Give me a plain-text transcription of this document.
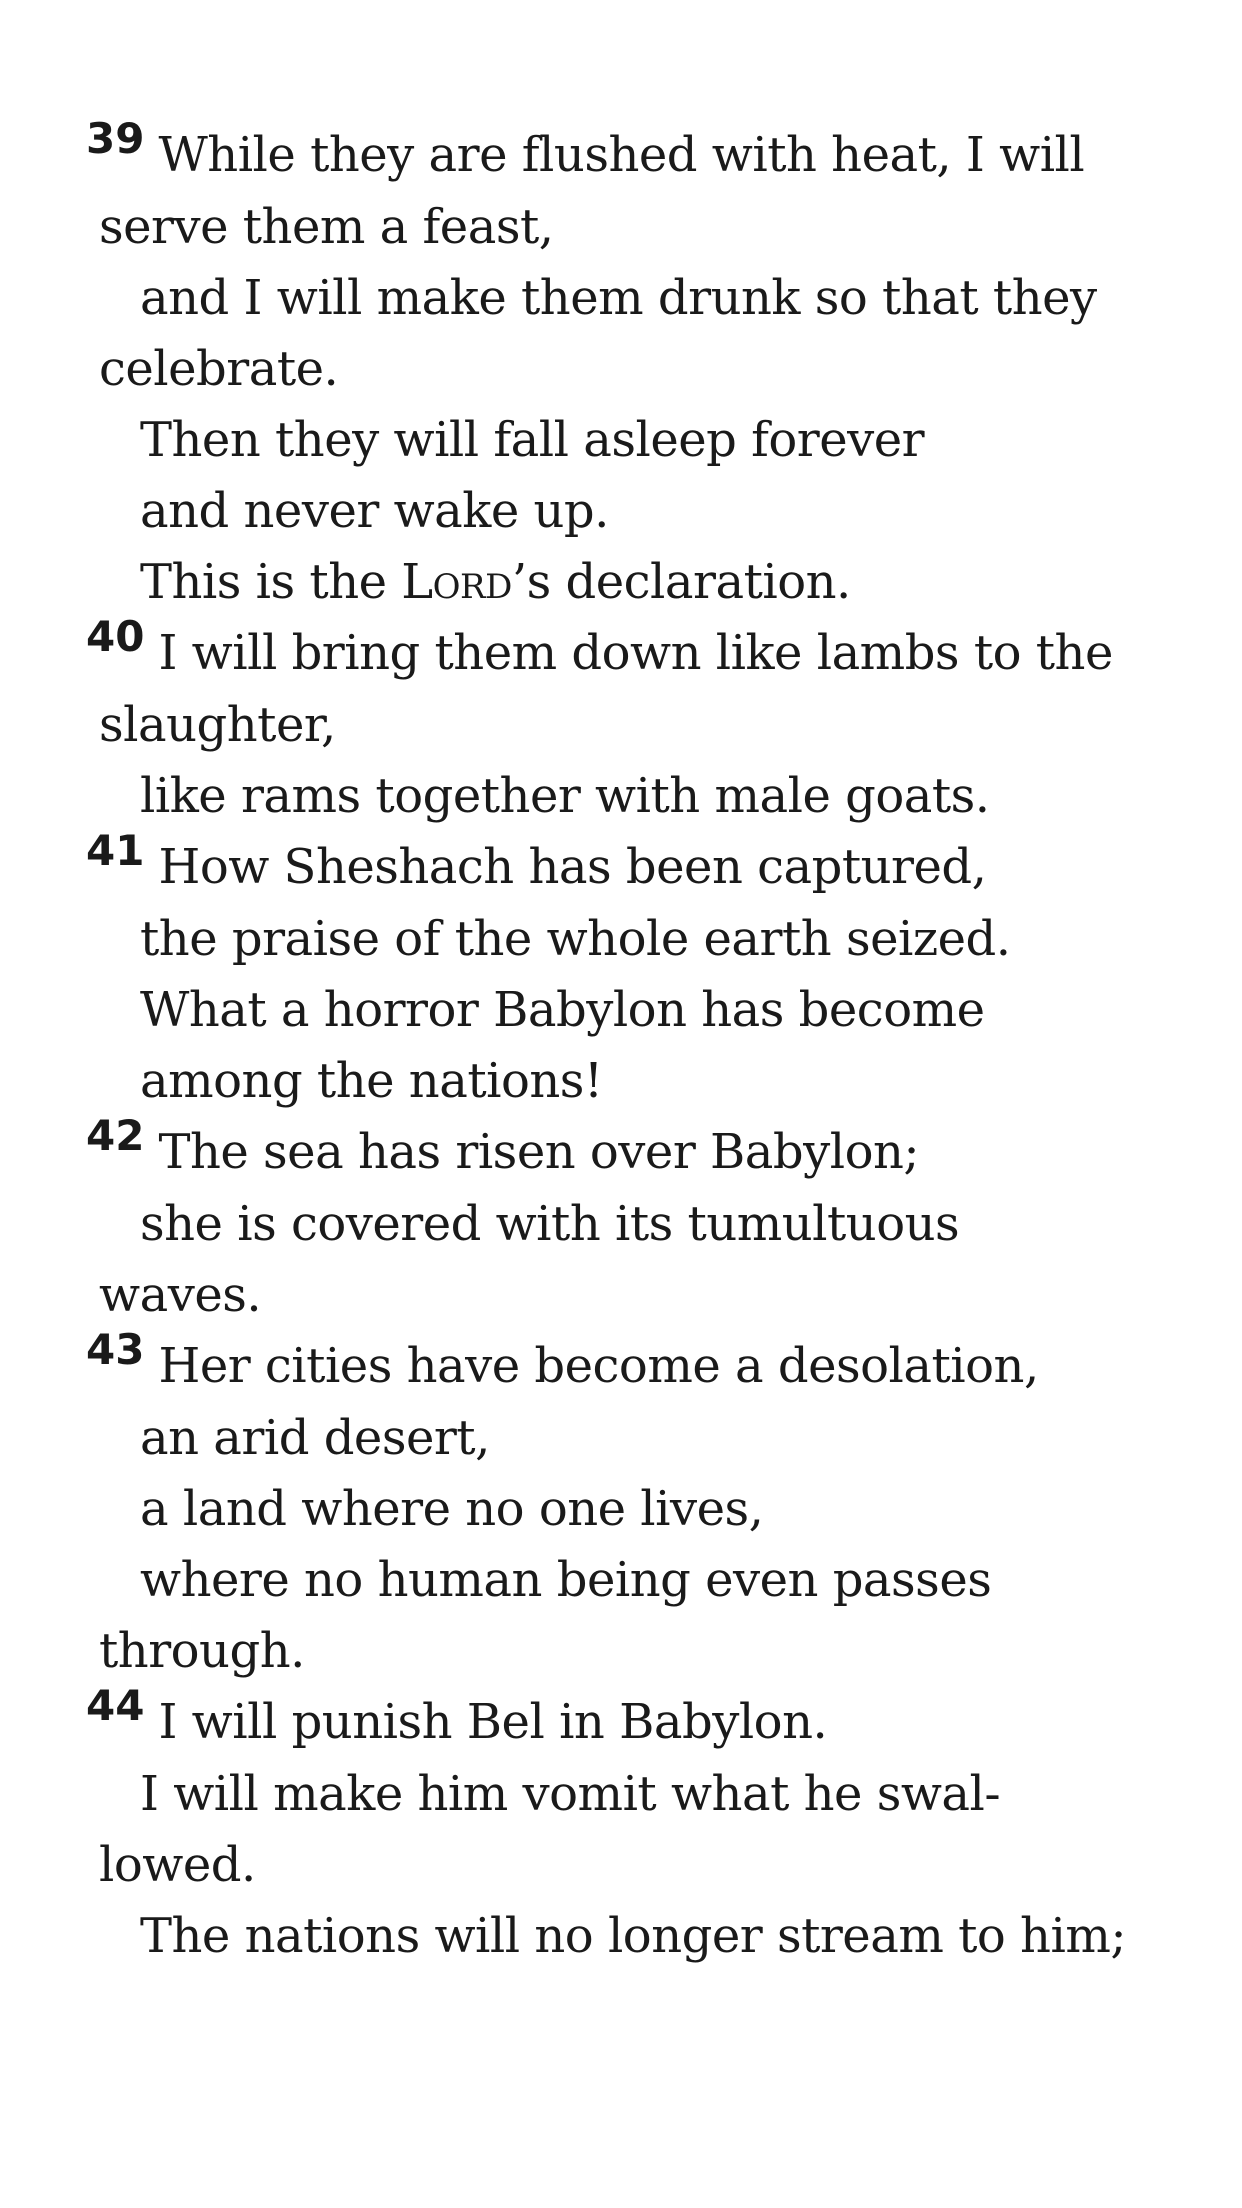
39 While they are flushed with heat, I will
serve them a feast,
and I will make them drunk so that they
celebrate.
Then they will fall asleep forever
and never wake up.
This is the Lord’s declaration.
40 I will bring them down like lambs to the
slaughter,
like rams together with male goats.
41 How Sheshach has been captured,
the praise of the whole earth seized.
What a horror Babylon has become
among the nations!
42 The sea has risen over Babylon;
she is covered with its tumultuous
waves.
43 Her cities have become a desolation,
an arid desert,
a land where no one lives,
where no human being even passes
through.
44 I will punish Bel in Babylon.
I will make him vomit what he swal-
lowed.
The nations will no longer stream to him;
